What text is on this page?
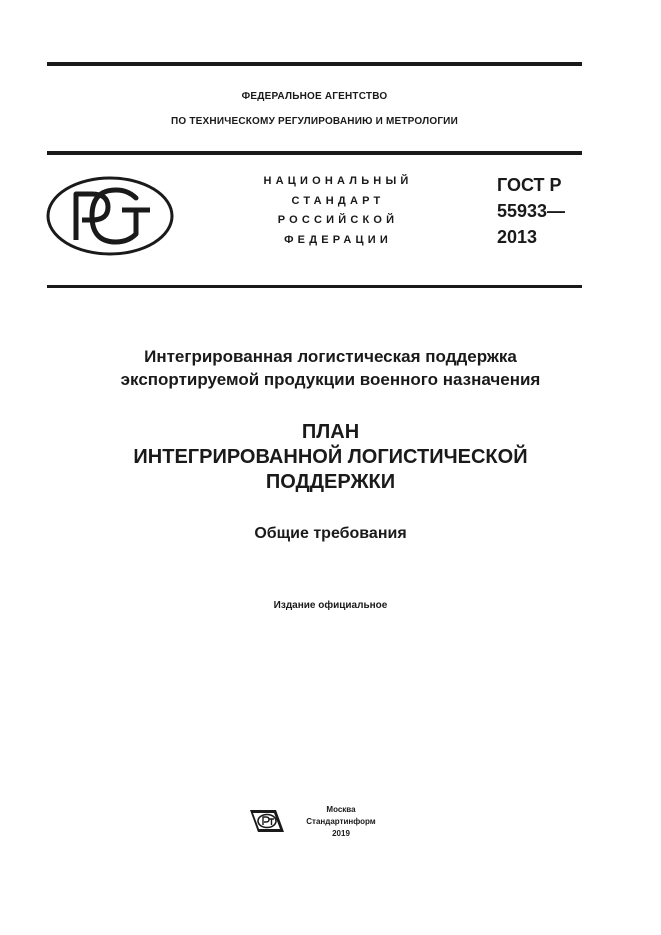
ФЕДЕРАЛЬНОЕ АГЕНТСТВО
ПО ТЕХНИЧЕСКОМУ РЕГУЛИРОВАНИЮ И МЕТРОЛОГИИ
НАЦИОНАЛЬНЫЙ
СТАНДАРТ
РОССИЙСКОЙ
ФЕДЕРАЦИИ
ГОСТ Р
55933—
2013
Интегрированная логистическая поддержка
экспортируемой продукции военного назначения
ПЛАН
ИНТЕГРИРОВАННОЙ ЛОГИСТИЧЕСКОЙ
ПОДДЕРЖКИ
Общие требования
Издание официальное
Москва
Стандартинформ
2019
